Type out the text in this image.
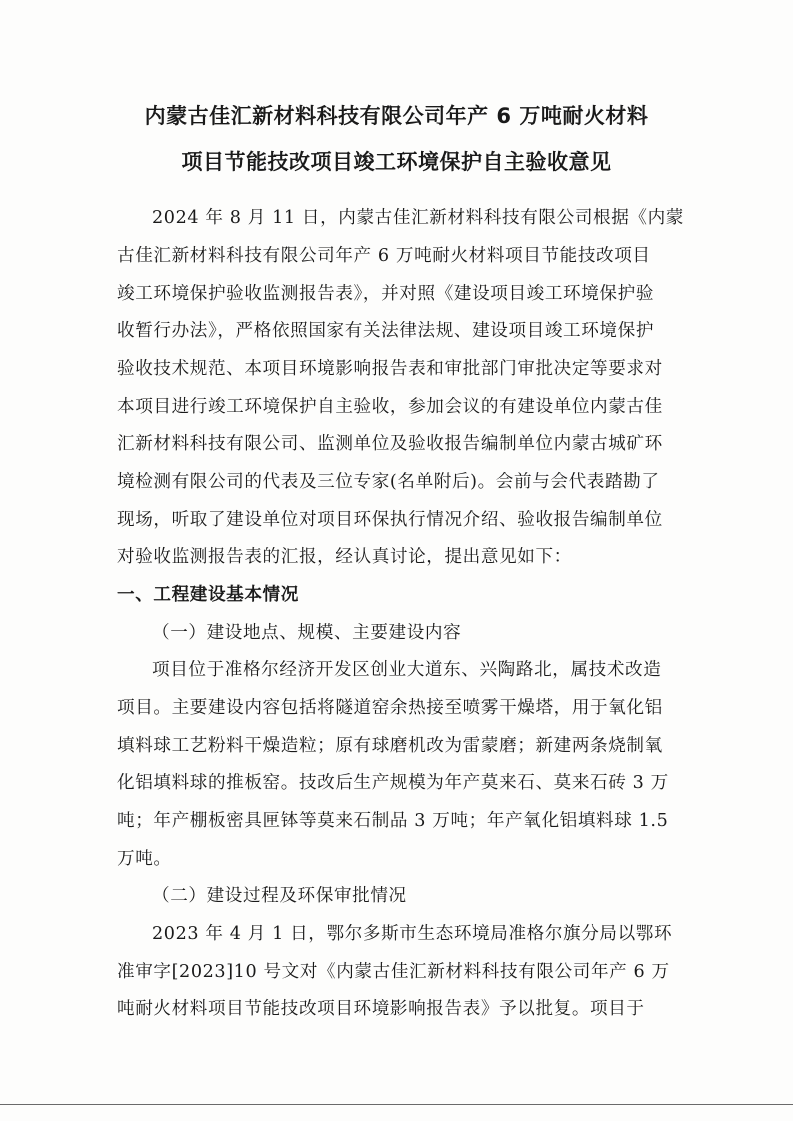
内蒙古佳汇新材料科技有限公司年产 6 万吨耐火材料
项目节能技改项目竣工环境保护自主验收意见
2024 年 8 月 11 日，内蒙古佳汇新材料科技有限公司根据《内蒙
古佳汇新材料科技有限公司年产 6 万吨耐火材料项目节能技改项目
竣工环境保护验收监测报告表》，并对照《建设项目竣工环境保护验
收暂行办法》，严格依照国家有关法律法规、建设项目竣工环境保护
验收技术规范、本项目环境影响报告表和审批部门审批决定等要求对
本项目进行竣工环境保护自主验收，参加会议的有建设单位内蒙古佳
汇新材料科技有限公司、监测单位及验收报告编制单位内蒙古城矿环
境检测有限公司的代表及三位专家(名单附后)。会前与会代表踏勘了
现场，听取了建设单位对项目环保执行情况介绍、验收报告编制单位
对验收监测报告表的汇报，经认真讨论，提出意见如下：
一、工程建设基本情况
（一）建设地点、规模、主要建设内容
项目位于准格尔经济开发区创业大道东、兴陶路北，属技术改造
项目。主要建设内容包括将隧道窑余热接至喷雾干燥塔，用于氧化铝
填料球工艺粉料干燥造粒；原有球磨机改为雷蒙磨；新建两条烧制氧
化铝填料球的推板窑。技改后生产规模为年产莫来石、莫来石砖 3 万
吨；年产棚板密具匣钵等莫来石制品 3 万吨；年产氧化铝填料球 1.5
万吨。
（二）建设过程及环保审批情况
2023 年 4 月 1 日，鄂尔多斯市生态环境局准格尔旗分局以鄂环
准审字[2023]10 号文对《内蒙古佳汇新材料科技有限公司年产 6 万
吨耐火材料项目节能技改项目环境影响报告表》予以批复。项目于
